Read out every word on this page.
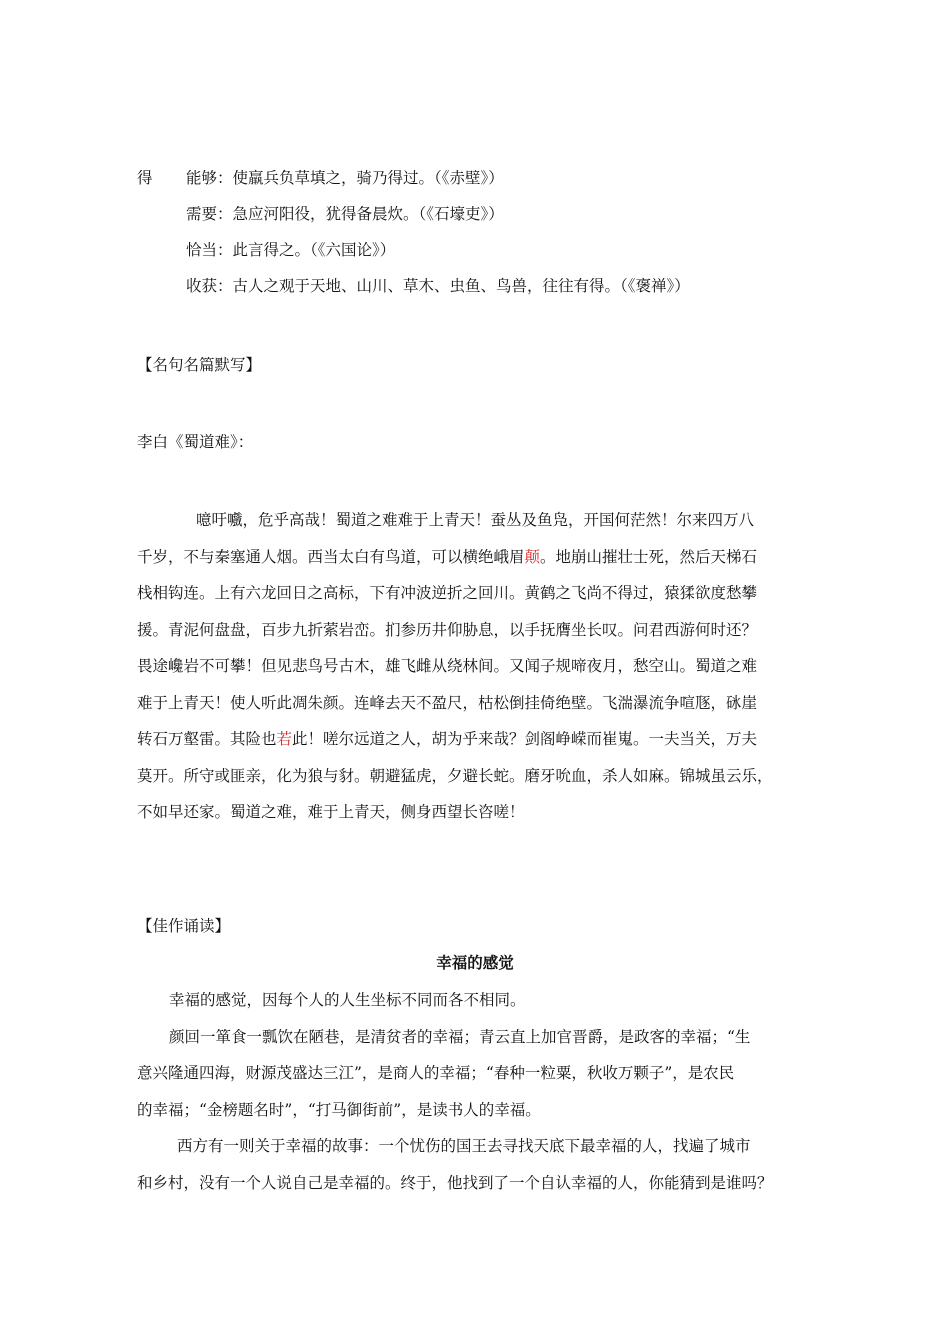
得 能够：使羸兵负草填之，骑乃得过。（《赤壁》）
需要：急应河阳役，犹得备晨炊。（《石壕吏》）
恰当：此言得之。（《六国论》）
收获：古人之观于天地、山川、草木、虫鱼、鸟兽，往往有得。（《褒禅》）
【名句名篇默写】
李白《蜀道难》：
噫吁嚱，危乎高哉！蜀道之难难于上青天！蚕丛及鱼凫，开国何茫然！尔来四万八
千岁，不与秦塞通人烟。西当太白有鸟道，可以横绝峨眉颠。地崩山摧壮士死，然后天梯石
栈相钩连。上有六龙回日之高标，下有冲波逆折之回川。黄鹤之飞尚不得过，猿猱欲度愁攀
援。青泥何盘盘，百步九折萦岩峦。扪参历井仰胁息，以手抚膺坐长叹。问君西游何时还？
畏途巉岩不可攀！但见悲鸟号古木，雄飞雌从绕林间。又闻子规啼夜月，愁空山。蜀道之难
难于上青天！使人听此凋朱颜。连峰去天不盈尺，枯松倒挂倚绝壁。飞湍瀑流争喧豗，砯崖
转石万壑雷。其险也若此！嗟尔远道之人，胡为乎来哉？剑阁峥嵘而崔嵬。一夫当关，万夫
莫开。所守或匪亲，化为狼与豺。朝避猛虎，夕避长蛇。磨牙吮血，杀人如麻。锦城虽云乐，
不如早还家。蜀道之难，难于上青天，侧身西望长咨嗟！
【佳作诵读】
幸福的感觉
幸福的感觉，因每个人的人生坐标不同而各不相同。
颜回一箪食一瓢饮在陋巷，是清贫者的幸福；青云直上加官晋爵，是政客的幸福；“生
意兴隆通四海，财源茂盛达三江”，是商人的幸福；“春种一粒粟，秋收万颗子”，是农民
的幸福；“金榜题名时”，“打马御街前”，是读书人的幸福。
西方有一则关于幸福的故事：一个忧伤的国王去寻找天底下最幸福的人，找遍了城市
和乡村，没有一个人说自己是幸福的。终于，他找到了一个自认幸福的人，你能猜到是谁吗？
